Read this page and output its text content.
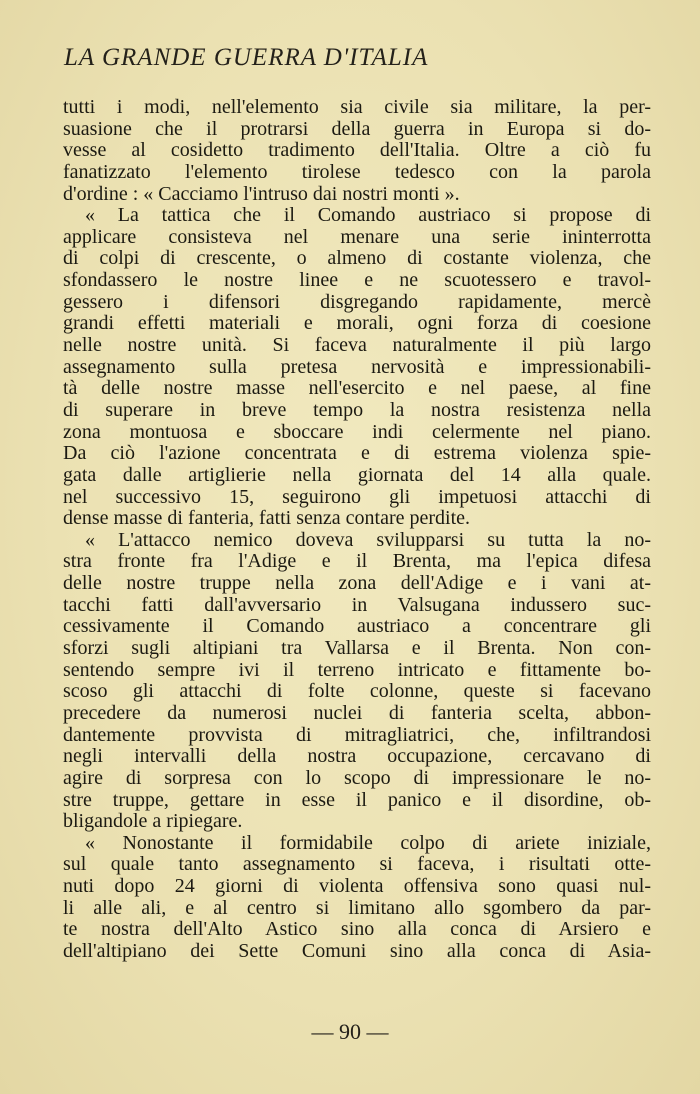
LA GRANDE GUERRA D'ITALIA
tutti i modi, nell'elemento sia civile sia militare, la per-
suasione che il protrarsi della guerra in Europa si do-
vesse al cosidetto tradimento dell'Italia. Oltre a ciò fu
fanatizzato l'elemento tirolese tedesco con la parola
d'ordine : « Cacciamo l'intruso dai nostri monti ».
« La tattica che il Comando austriaco si propose di
applicare consisteva nel menare una serie ininterrotta
di colpi di crescente, o almeno di costante violenza, che
sfondassero le nostre linee e ne scuotessero e travol-
gessero i difensori disgregando rapidamente, mercè
grandi effetti materiali e morali, ogni forza di coesione
nelle nostre unità. Si faceva naturalmente il più largo
assegnamento sulla pretesa nervosità e impressionabili-
tà delle nostre masse nell'esercito e nel paese, al fine
di superare in breve tempo la nostra resistenza nella
zona montuosa e sboccare indi celermente nel piano.
Da ciò l'azione concentrata e di estrema violenza spie-
gata dalle artiglierie nella giornata del 14 alla quale.
nel successivo 15, seguirono gli impetuosi attacchi di
dense masse di fanteria, fatti senza contare perdite.
« L'attacco nemico doveva svilupparsi su tutta la no-
stra fronte fra l'Adige e il Brenta, ma l'epica difesa
delle nostre truppe nella zona dell'Adige e i vani at-
tacchi fatti dall'avversario in Valsugana indussero suc-
cessivamente il Comando austriaco a concentrare gli
sforzi sugli altipiani tra Vallarsa e il Brenta. Non con-
sentendo sempre ivi il terreno intricato e fittamente bo-
scoso gli attacchi di folte colonne, queste si facevano
precedere da numerosi nuclei di fanteria scelta, abbon-
dantemente provvista di mitragliatrici, che, infiltrandosi
negli intervalli della nostra occupazione, cercavano di
agire di sorpresa con lo scopo di impressionare le no-
stre truppe, gettare in esse il panico e il disordine, ob-
bligandole a ripiegare.
« Nonostante il formidabile colpo di ariete iniziale,
sul quale tanto assegnamento si faceva, i risultati otte-
nuti dopo 24 giorni di violenta offensiva sono quasi nul-
li alle ali, e al centro si limitano allo sgombero da par-
te nostra dell'Alto Astico sino alla conca di Arsiero e
dell'altipiano dei Sette Comuni sino alla conca di Asia-
— 90 —
